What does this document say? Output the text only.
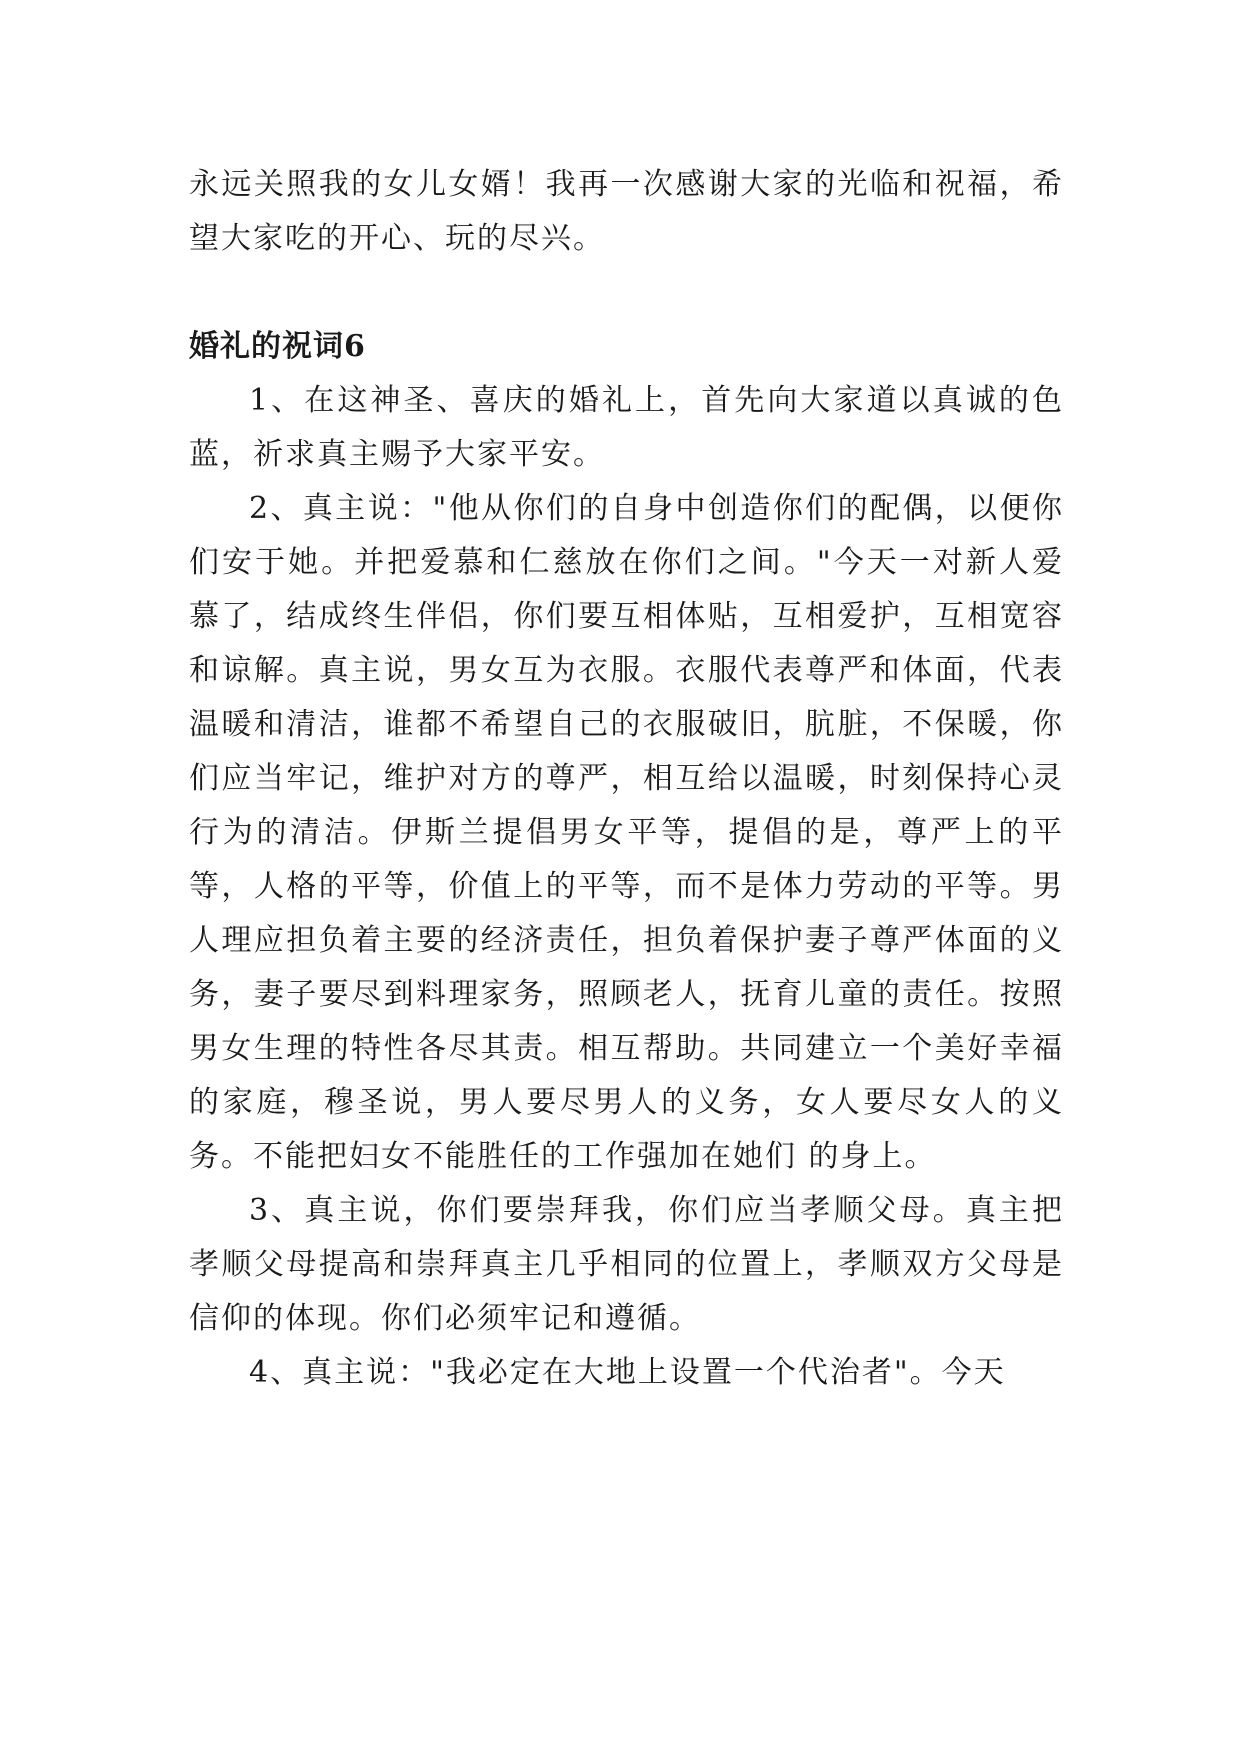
永远关照我的女儿女婿！我再一次感谢大家的光临和祝福，希望大家吃的开心、玩的尽兴。

婚礼的祝词6

1、在这神圣、喜庆的婚礼上，首先向大家道以真诚的色蓝，祈求真主赐予大家平安。

2、真主说："他从你们的自身中创造你们的配偶，以便你们安于她。并把爱慕和仁慈放在你们之间。"今天一对新人爱慕了，结成终生伴侣，你们要互相体贴，互相爱护，互相宽容和谅解。真主说，男女互为衣服。衣服代表尊严和体面，代表温暖和清洁，谁都不希望自己的衣服破旧，肮脏，不保暖，你们应当牢记，维护对方的尊严，相互给以温暖，时刻保持心灵行为的清洁。伊斯兰提倡男女平等，提倡的是，尊严上的平等，人格的平等，价值上的平等，而不是体力劳动的平等。男人理应担负着主要的经济责任，担负着保护妻子尊严体面的义务，妻子要尽到料理家务，照顾老人，抚育儿童的责任。按照男女生理的特性各尽其责。相互帮助。共同建立一个美好幸福的家庭，穆圣说，男人要尽男人的义务，女人要尽女人的义务。不能把妇女不能胜任的工作强加在她们 的身上。

3、真主说，你们要崇拜我，你们应当孝顺父母。真主把 孝顺父母提高和崇拜真主几乎相同的位置上，孝顺双方父母是信仰的体现。你们必须牢记和遵循。

4、真主说："我必定在大地上设置一个代治者"。今天
